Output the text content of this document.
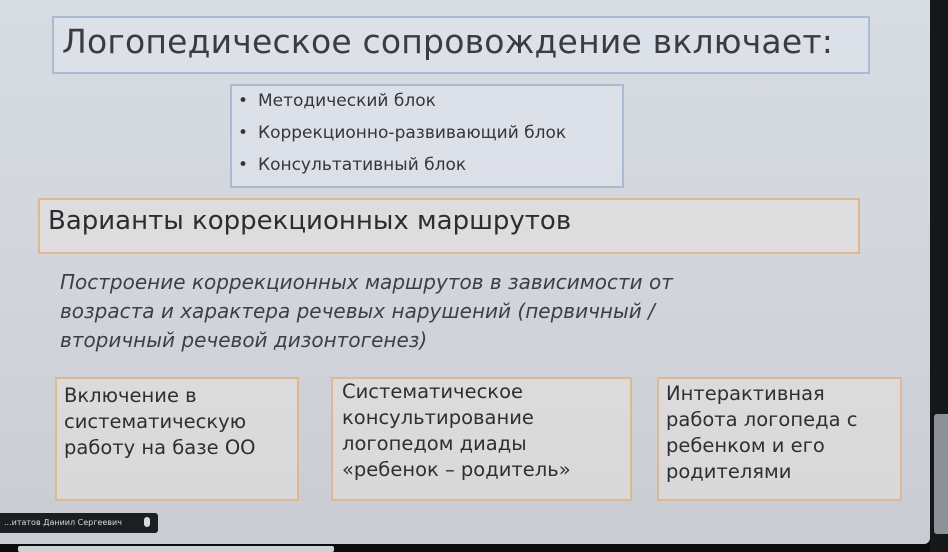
Логопедическое сопровождение включает:
• Методический блок
• Коррекционно-развивающий блок
• Консультативный блок
Варианты коррекционных маршрутов
Построение коррекционных маршрутов в зависимости от
возраста и характера речевых нарушений (первичный /
вторичный речевой дизонтогенез)
Включение в
систематическую
работу на базе ОО
Систематическое
консультирование
логопедом диады
«ребенок – родитель»
Интерактивная
работа логопеда с
ребенком и его
родителями
...итатов Даниил Сергеевич
